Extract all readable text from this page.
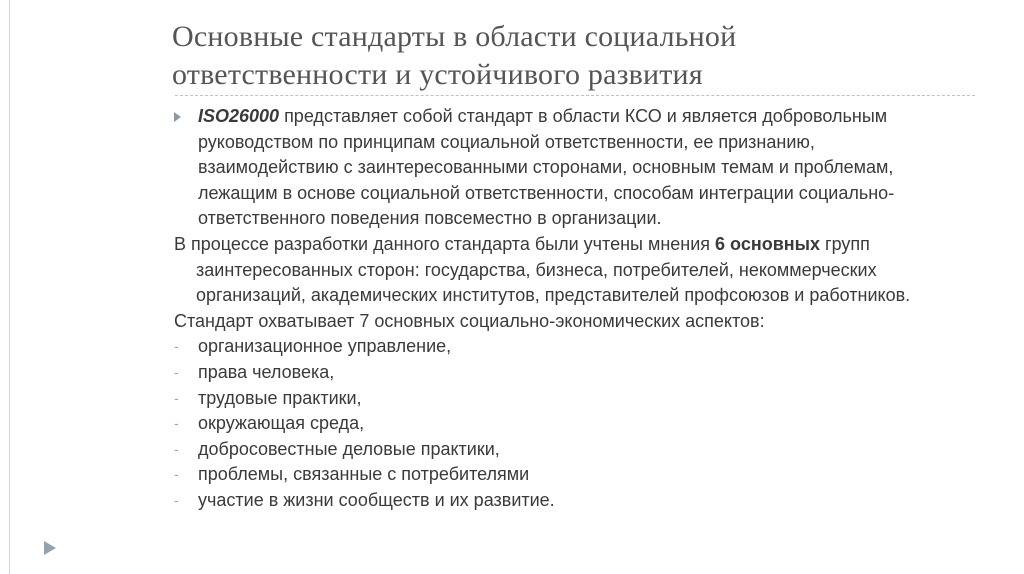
Основные стандарты в области социальной
ответственности и устойчивого развития
ISO26000 представляет собой стандарт в области КСО и является добровольным руководством по принципам социальной ответственности, ее признанию, взаимодействию с заинтересованными сторонами, основным темам и проблемам, лежащим в основе социальной ответственности, способам интеграции социально-ответственного поведения повсеместно в организации.
В процессе разработки данного стандарта были учтены мнения 6 основных групп заинтересованных сторон: государства, бизнеса, потребителей, некоммерческих организаций, академических институтов, представителей профсоюзов и работников.
Стандарт охватывает 7 основных социально-экономических аспектов:
- организационное управление,
- права человека,
- трудовые практики,
- окружающая среда,
- добросовестные деловые практики,
- проблемы, связанные с потребителями
- участие в жизни сообществ и их развитие.
